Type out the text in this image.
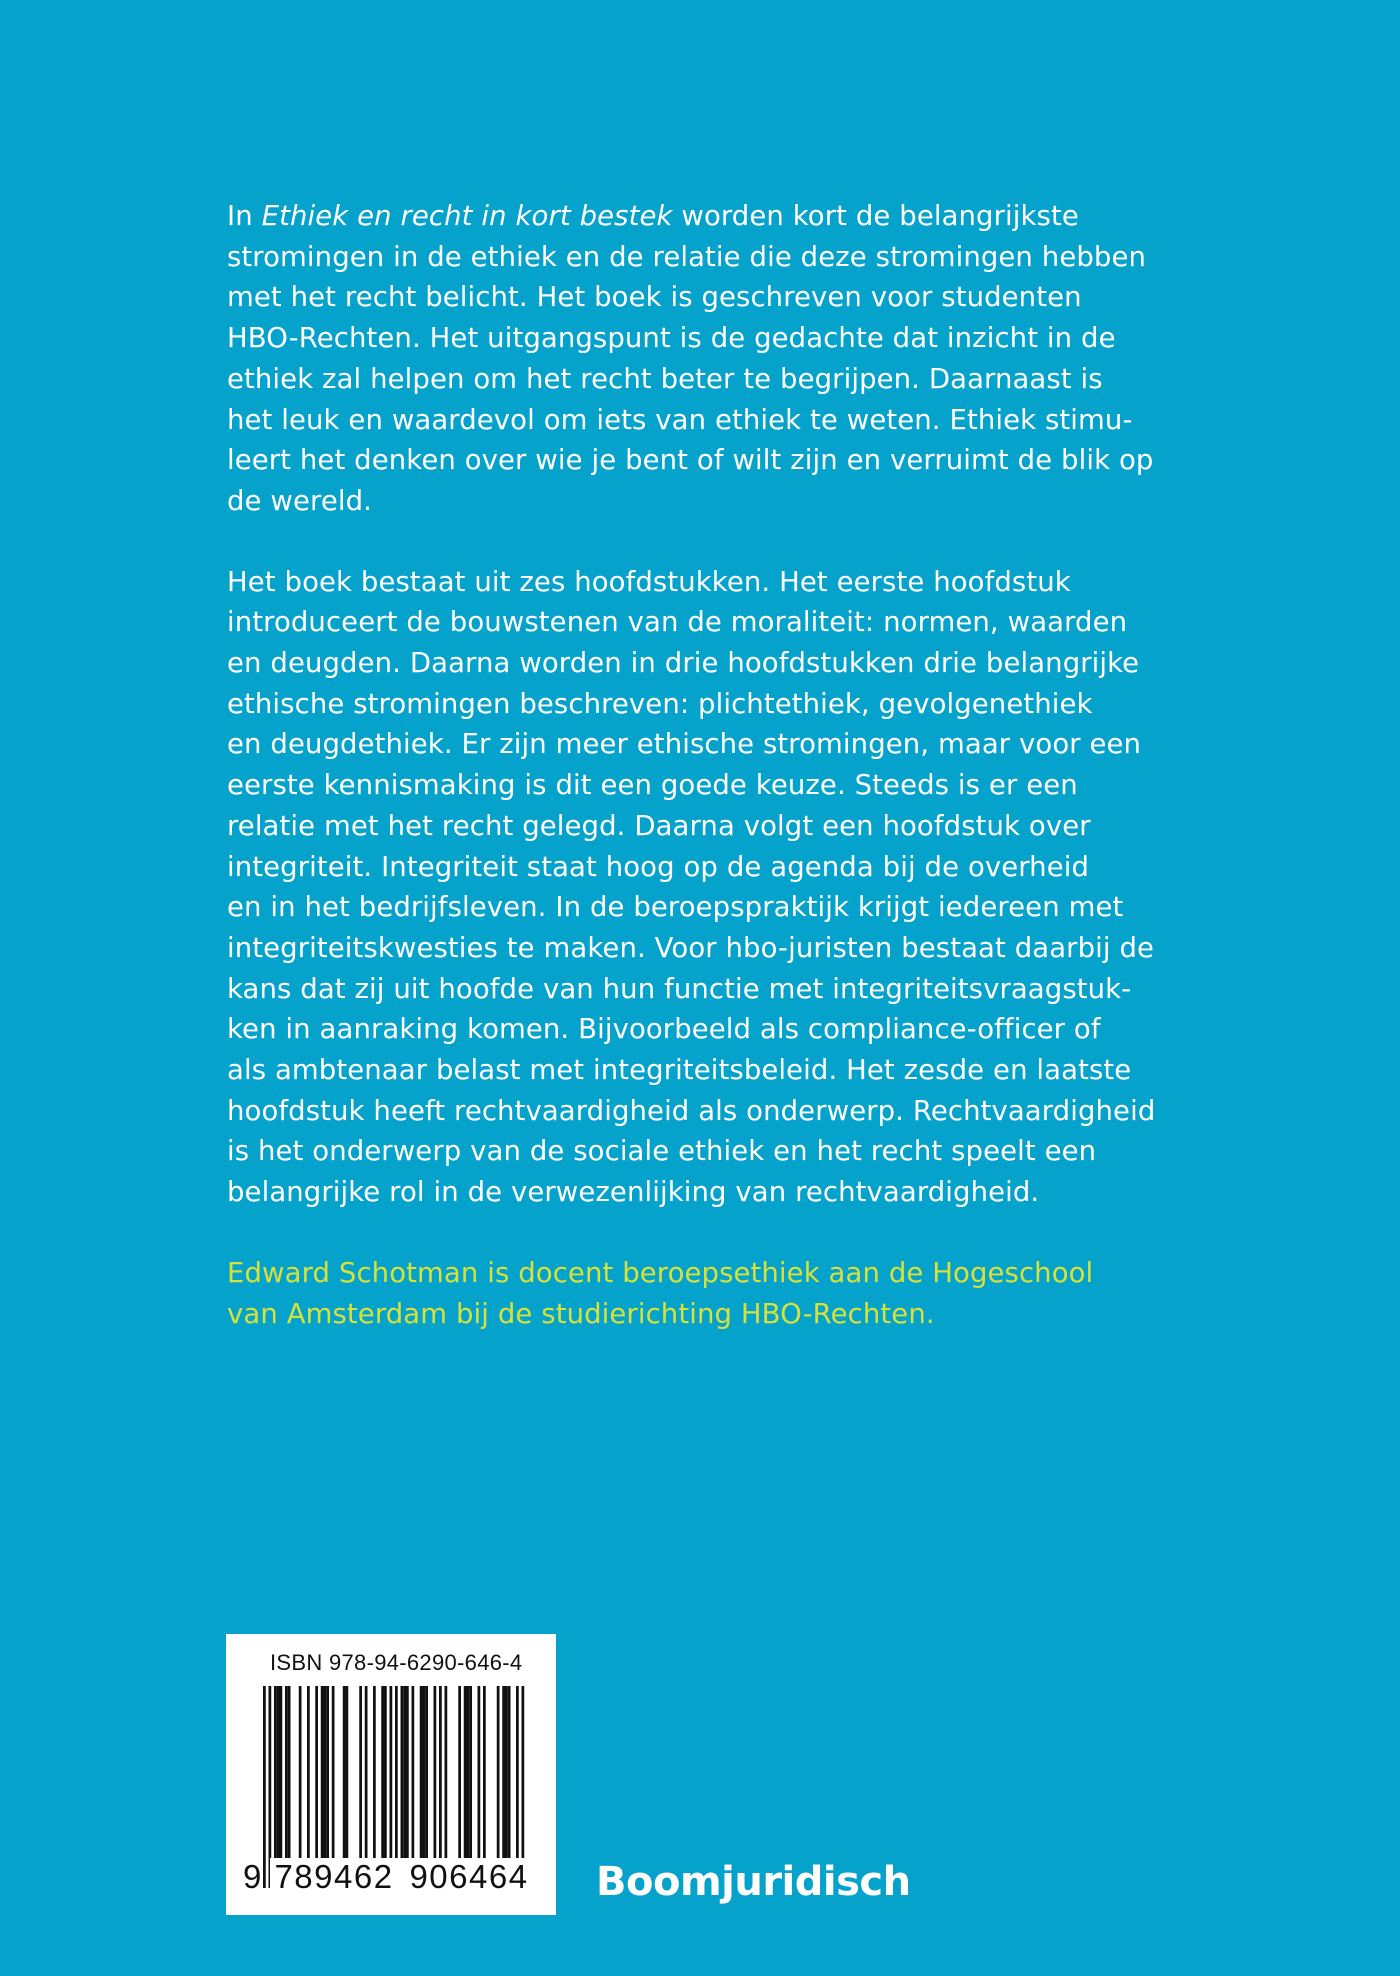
In Ethiek en recht in kort bestek worden kort de belangrijkste
stromingen in de ethiek en de relatie die deze stromingen hebben
met het recht belicht. Het boek is geschreven voor studenten
HBO-Rechten. Het uitgangspunt is de gedachte dat inzicht in de
ethiek zal helpen om het recht beter te begrijpen. Daarnaast is
het leuk en waardevol om iets van ethiek te weten. Ethiek stimu-
leert het denken over wie je bent of wilt zijn en verruimt de blik op
de wereld.

Het boek bestaat uit zes hoofdstukken. Het eerste hoofdstuk
introduceert de bouwstenen van de moraliteit: normen, waarden
en deugden. Daarna worden in drie hoofdstukken drie belangrijke
ethische stromingen beschreven: plichtethiek, gevolgenethiek
en deugdethiek. Er zijn meer ethische stromingen, maar voor een
eerste kennismaking is dit een goede keuze. Steeds is er een
relatie met het recht gelegd. Daarna volgt een hoofdstuk over
integriteit. Integriteit staat hoog op de agenda bij de overheid
en in het bedrijfsleven. In de beroepspraktijk krijgt iedereen met
integriteitskwesties te maken. Voor hbo-juristen bestaat daarbij de
kans dat zij uit hoofde van hun functie met integriteitsvraagstuk-
ken in aanraking komen. Bijvoorbeeld als compliance-officer of
als ambtenaar belast met integriteitsbeleid. Het zesde en laatste
hoofdstuk heeft rechtvaardigheid als onderwerp. Rechtvaardigheid
is het onderwerp van de sociale ethiek en het recht speelt een
belangrijke rol in de verwezenlijking van rechtvaardigheid.

Edward Schotman is docent beroepsethiek aan de Hogeschool
van Amsterdam bij de studierichting HBO-Rechten.

ISBN 978-94-6290-646-4
9 789462 906464 Boomjuridisch
